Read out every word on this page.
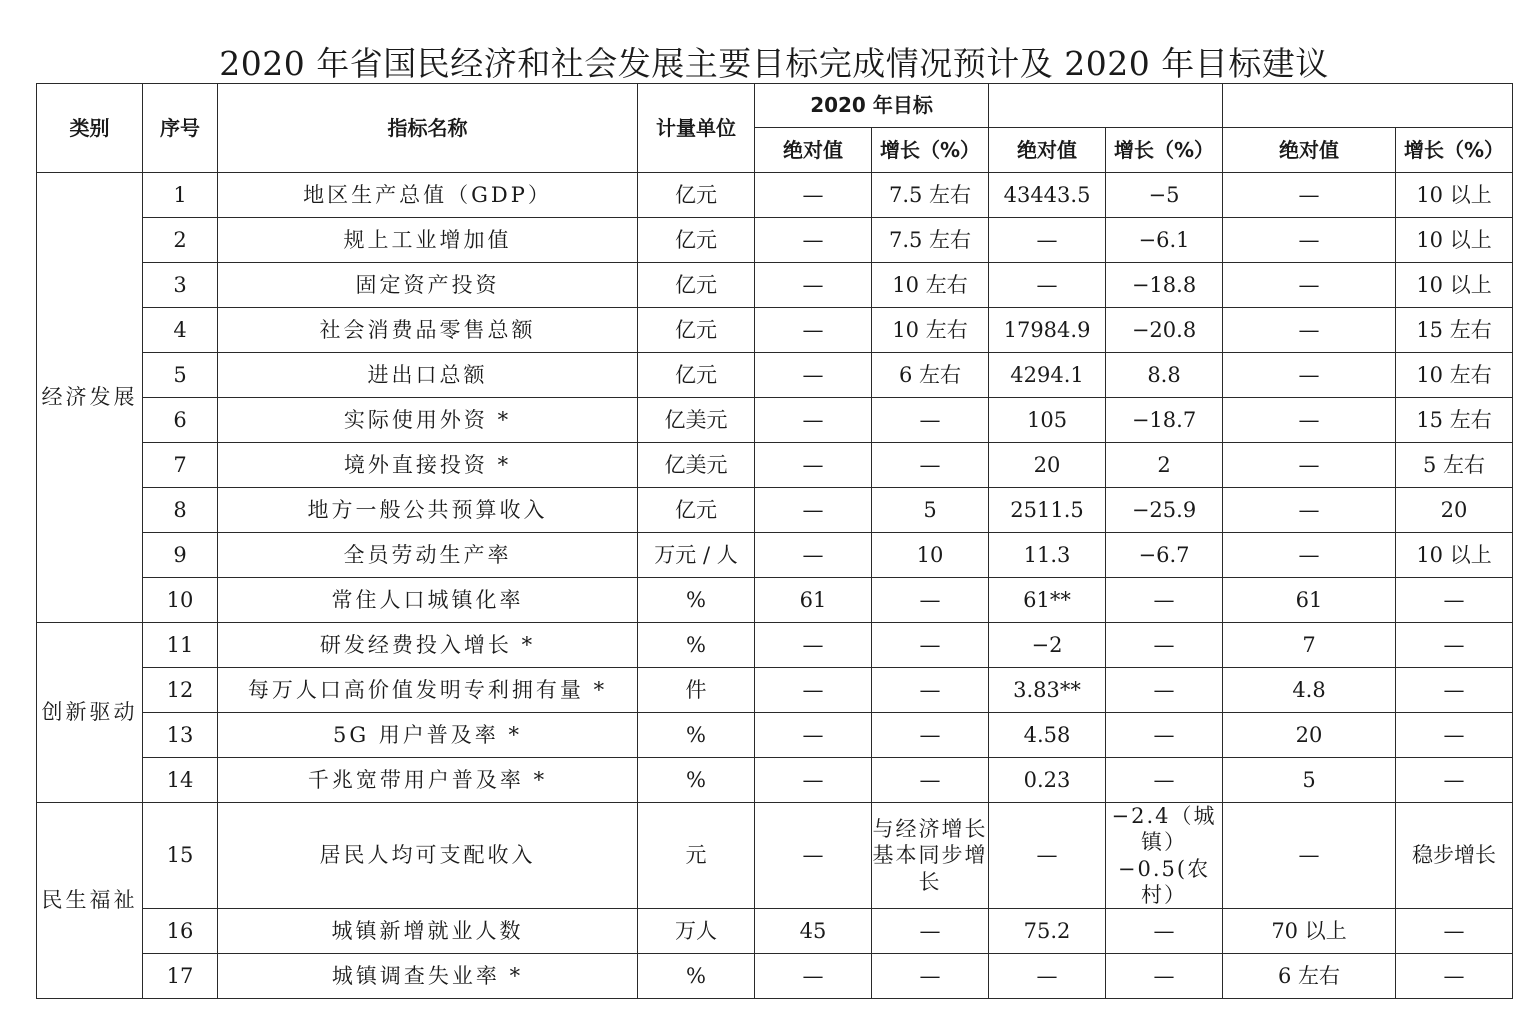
2020 年省国民经济和社会发展主要目标完成情况预计及 2020 年目标建议
类别	序号	指标名称	计量单位	2020 年目标					
				绝对值	增长（%）	绝对值	增长（%）	绝对值	增长（%）
经济发展	1	地区生产总值（GDP）	亿元	—	7.5 左右	43443.5	−5	—	10 以上
	2	规上工业增加值	亿元	—	7.5 左右	—	−6.1	—	10 以上
	3	固定资产投资	亿元	—	10 左右	—	−18.8	—	10 以上
	4	社会消费品零售总额	亿元	—	10 左右	17984.9	−20.8	—	15 左右
	5	进出口总额	亿元	—	6 左右	4294.1	8.8	—	10 左右
	6	实际使用外资 *	亿美元	—	—	105	−18.7	—	15 左右
	7	境外直接投资 *	亿美元	—	—	20	2	—	5 左右
	8	地方一般公共预算收入	亿元	—	5	2511.5	−25.9	—	20
	9	全员劳动生产率	万元 / 人	—	10	11.3	−6.7	—	10 以上
	10	常住人口城镇化率	%	61	—	61**	—	61	—
创新驱动	11	研发经费投入增长 *	%	—	—	−2	—	7	—
	12	每万人口高价值发明专利拥有量 *	件	—	—	3.83**	—	4.8	—
	13	5G 用户普及率 *	%	—	—	4.58	—	20	—
	14	千兆宽带用户普及率 *	%	—	—	0.23	—	5	—
民生福祉	15	居民人均可支配收入	元	—	与经济增长基本同步增长	—	−2.4（城镇）−0.5(农村）	—	稳步增长
	16	城镇新增就业人数	万人	45	—	75.2	—	70 以上	—
	17	城镇调查失业率 *	%	—	—	—	—	6 左右	—
